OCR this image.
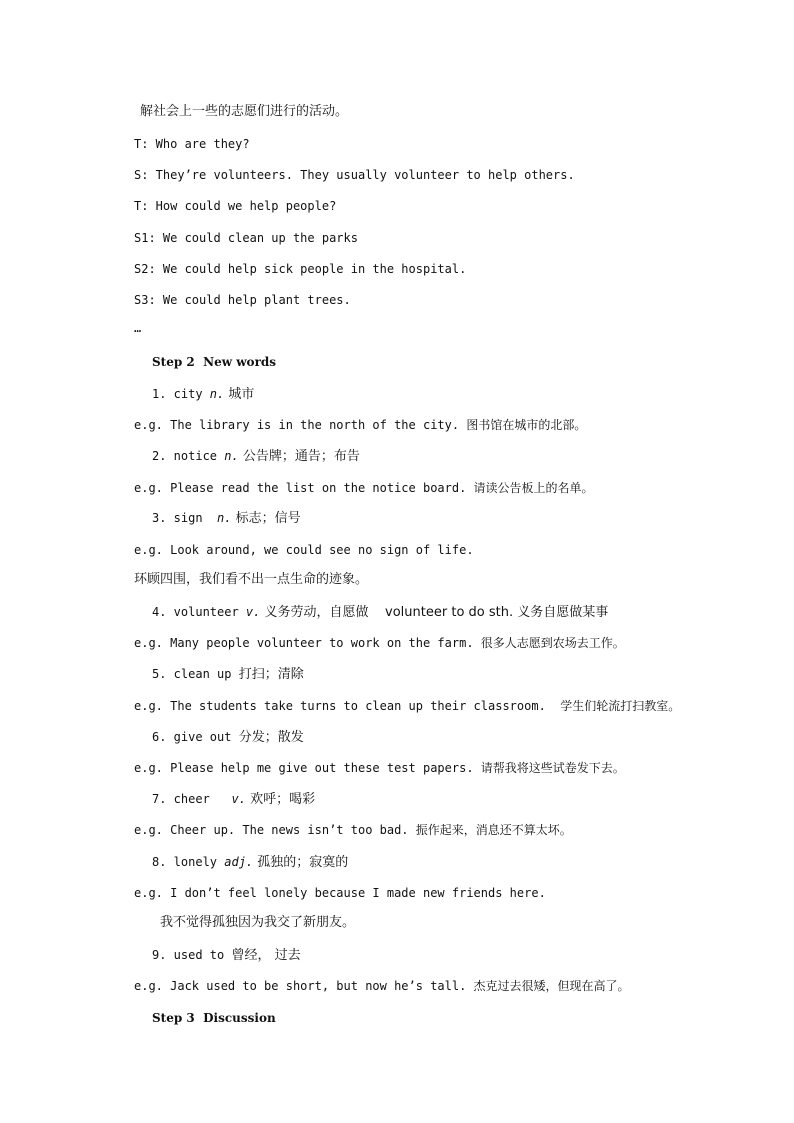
解社会上一些的志愿们进行的活动。
T: Who are they?
S: They’re volunteers. They usually volunteer to help others.
T: How could we help people?
S1: We could clean up the parks
S2: We could help sick people in the hospital.
S3: We could help plant trees.
…
Step 2  New words
1. city n. 城市
e.g. The library is in the north of the city. 图书馆在城市的北部。
2. notice n. 公告牌；通告；布告
e.g. Please read the list on the notice board. 请读公告板上的名单。
3. sign  n. 标志；信号
e.g. Look around, we could see no sign of life.
环顾四围，我们看不出一点生命的迹象。
4. volunteer v. 义务劳动，自愿做    volunteer to do sth. 义务自愿做某事
e.g. Many people volunteer to work on the farm. 很多人志愿到农场去工作。
5. clean up 打扫；清除
e.g. The students take turns to clean up their classroom.  学生们轮流打扫教室。
6. give out 分发；散发
e.g. Please help me give out these test papers. 请帮我将这些试卷发下去。
7. cheer   v. 欢呼；喝彩
e.g. Cheer up. The news isn’t too bad. 振作起来，消息还不算太坏。
8. lonely adj. 孤独的；寂寞的
e.g. I don’t feel lonely because I made new friends here.
我不觉得孤独因为我交了新朋友。
9. used to 曾经， 过去
e.g. Jack used to be short, but now he’s tall. 杰克过去很矮，但现在高了。
Step 3  Discussion
